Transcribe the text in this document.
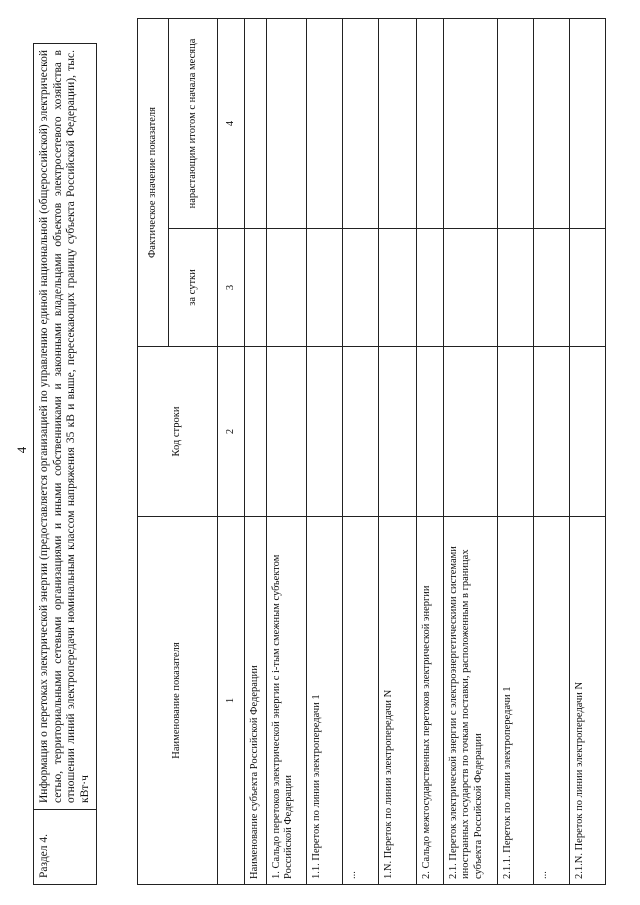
4
Раздел 4.	Информация о перетоках электрической энергии (предоставляется организацией по управлению единой национальной (общероссийской) электрической сетью, территориальными сетевыми организациями и иными собственниками и законными владельцами объектов электросетевого хозяйства в отношении линий электропередачи номинальным классом напряжения 35 кВ и выше, пересекающих границу субъекта Российской Федерации), тыс. кВт·ч
Наименование показателя	Код строки	Фактическое значение показателя	
		за сутки	нарастающим итогом с начала месяца
1	2	3	4
Наименование субъекта Российской Федерации			
1. Сальдо перетоков электрической энергии с i-тым смежным субъектом Российской Федерации			
1.1. Переток по линии электропередачи 1			
...			
1.N. Переток по линии электропередачи N			
2. Сальдо межгосударственных перетоков электрической энергии			
2.1. Переток электрической энергии с электроэнергетическими системами иностранных государств по точкам поставки, расположенным в границах субъекта Российской Федерации			
2.1.1. Переток по линии электропередачи 1			
...			
2.1.N. Переток по линии электропередачи N			
